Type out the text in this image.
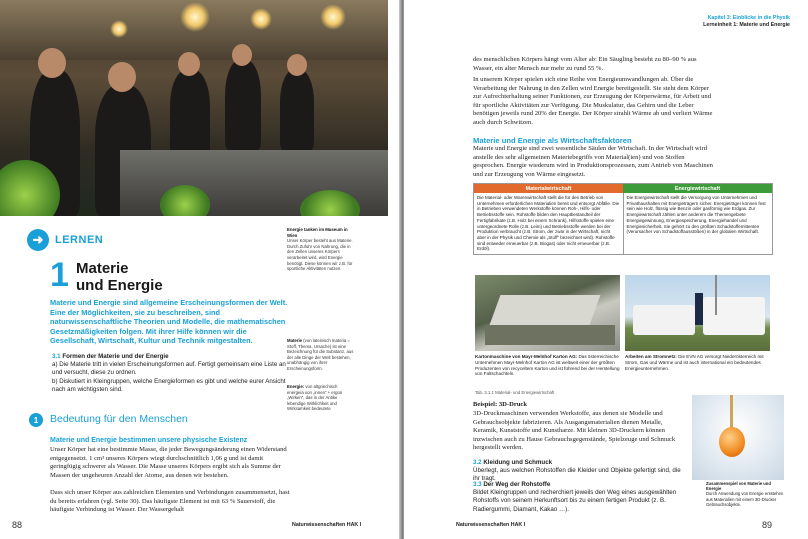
➜	LERNEN
1 Materie
und Energie
Materie und Energie sind allgemeine Erscheinungsformen der Welt. Eine der Möglichkeiten, sie zu beschreiben, sind naturwissenschaftliche Theorien und Modelle, die mathematischen Gesetzmäßigkeiten folgen. Mit ihrer Hilfe können wir die Gesellschaft, Wirtschaft, Kultur und Technik mitgestalten.
3.1 Formen der Materie und der Energie
a) Die Materie tritt in vielen Erscheinungsformen auf. Fertigt gemeinsam eine Liste an und versucht, diese zu ordnen.
b) Diskutiert in Kleingruppen, welche Energieformen es gibt und welche eurer Ansicht nach am wichtigsten sind.
Energie tanken im Museum in Wien
Unser Körper besteht aus Materie. Durch Zufuhr von Nahrung, die in den Zellen unseres Körpers verarbeitet wird, wird Energie benötigt. Diese können wir z.B. für sportliche Aktivitäten nutzen.
Materie (von lateinisch materia = Stoff, Thema, Ursache) ist eine Bezeichnung für die Substanz, aus der alle Dinge der Welt bestehen, unabhängig von ihrer Erscheinungsform.
Energie: von altgriechisch energeia von „innen“ + ergon „Wirken“, das in der Antike lebendige Wirklichkeit und Wirksamkeit bedeutete
1	Bedeutung für den Menschen
Materie und Energie bestimmen unsere physische Existenz
Unser Körper hat eine bestimmte Masse, die jeder Bewegungsänderung einen Widerstand entgegensetzt. 1 cm³ unseres Körpers wiegt durchschnittlich 1,06 g und ist damit geringfügig schwerer als Wasser. Die Masse unseres Körpers ergibt sich als Summe der Massen der ungeheuren Anzahl der Atome, aus denen wir bestehen.
Dass sich unser Körper aus zahlreichen Elementen und Verbindungen zusammensetzt, hast du bereits erfahren (vgl. Seite 30). Das häufigste Element ist mit 63 % Sauerstoff, die häufigste Verbindung ist Wasser. Der Wassergehalt
88	Naturwissenschaften HAK I
Kapitel 3: Einblicke in die Physik
Lerneinheit 1: Materie und Energie
des menschlichen Körpers hängt vom Alter ab: Ein Säugling besteht zu 80–90 % aus Wasser, ein alter Mensch nur mehr zu rund 55 %.
In unserem Körper spielen sich eine Reihe von Energieumwandlungen ab. Über die Verarbeitung der Nahrung in den Zellen wird Energie bereitgestellt. Sie steht dem Körper zur Aufrechterhaltung seiner Funktionen, zur Erzeugung der Körperwärme, für Arbeit und für sportliche Aktivitäten zur Verfügung. Die Muskulatur, das Gehirn und die Leber benötigen jeweils rund 20% der Energie. Der Körper strahlt Wärme ab und verliert Wärme auch durch Schwitzen.
Materie und Energie als Wirtschaftsfaktoren
Materie und Energie sind zwei wesentliche Säulen der Wirtschaft. In der Wirtschaft wird anstelle des sehr allgemeinen Materiebegriffs von Material(ien) und von Stoffen gesprochen. Energie wiederum wird in Produktionsprozessen, zum Antrieb von Maschinen und zur Erzeugung von Wärme eingesetzt.
Materialwirtschaft	Energiewirtschaft
Die Material- oder Warenwirtschaft stellt die für den Betrieb von Unternehmen erforderlichen Materialien bereit und entsorgt Abfälle. Die in Betrieben verwendeten Werkstoffe können Roh-, Hilfs- oder Betriebsstoffe sein. Rohstoffe bilden den Hauptbestandteil der Fertigfabrikate (z.B. Holz bei einem Schrank), Hilfsstoffe spielen eine untergeordnete Rolle (z.B. Leim) und Betriebsstoffe werden bei der Produktion verbraucht (z.B. Strom, der zwar in der Wirtschaft, nicht aber in der Physik und Chemie als „Stoff“ bezeichnet wird). Rohstoffe sind entweder erneuerbar (z.B. Biogas) oder nicht erneuerbar (z.B. Erdöl).
Die Energiewirtschaft stellt die Versorgung von Unternehmen und Privathaushalten mit Energieträgern sicher. Energieträger können fest sein wie Holz, flüssig wie Benzin oder gasförmig wie Erdgas. Zur Energiewirtschaft zählen unter anderem die Themengebiete Energiegewinnung, Energiespeicherung, Energiehandel und Energiesicherheit. Sie gehört zu den größten Schadstoffemittenten (Verursacher von Schadstoffausstößen) in der globalen Wirtschaft.
Kartonmaschine von Mayr-Melnhof Karton AG: Das österreichische Unternehmen Mayr-Melnhof Karton AG ist weltweit einer der größten Produzenten von recyceltem Karton und ist führend bei der Herstellung von Faltschachteln.
Arbeiten am Stromnetz: Die EVN AG versorgt Niederösterreich mit Strom, Gas und Wärme und ist auch international ein bedeutendes Energieunternehmen.
Tab. 3.1.1 Material- und Energiewirtschaft
Beispiel: 3D-Druck
3D-Druckmaschinen verwenden Werkstoffe, aus denen sie Modelle und Gebrauchsobjekte fabrizieren. Als Ausgangsmaterialien dienen Metalle, Keramik, Kunststoffe und Kunstharze. Mit kleinen 3D-Druckern können inzwischen auch zu Hause Gebrauchsgegenstände, Spielzeuge und Schmuck hergestellt werden.
3.2 Kleidung und Schmuck
Überlegt, aus welchen Rohstoffen die Kleider und Objekte gefertigt sind, die ihr tragt.
3.3 Der Weg der Rohstoffe
Bildet Kleingruppen und recherchiert jeweils den Weg eines ausgewählten Rohstoffs von seinem Herkunftsort bis zu einem fertigen Produkt (z. B. Radiergummi, Diamant, Kakao …).
Zusammenspiel von Materie und Energie
Durch Anwendung von Energie entstehen aus Materialien mit einem 3D-Drucker Gebrauchsobjekte.
Naturwissenschaften HAK I	89
